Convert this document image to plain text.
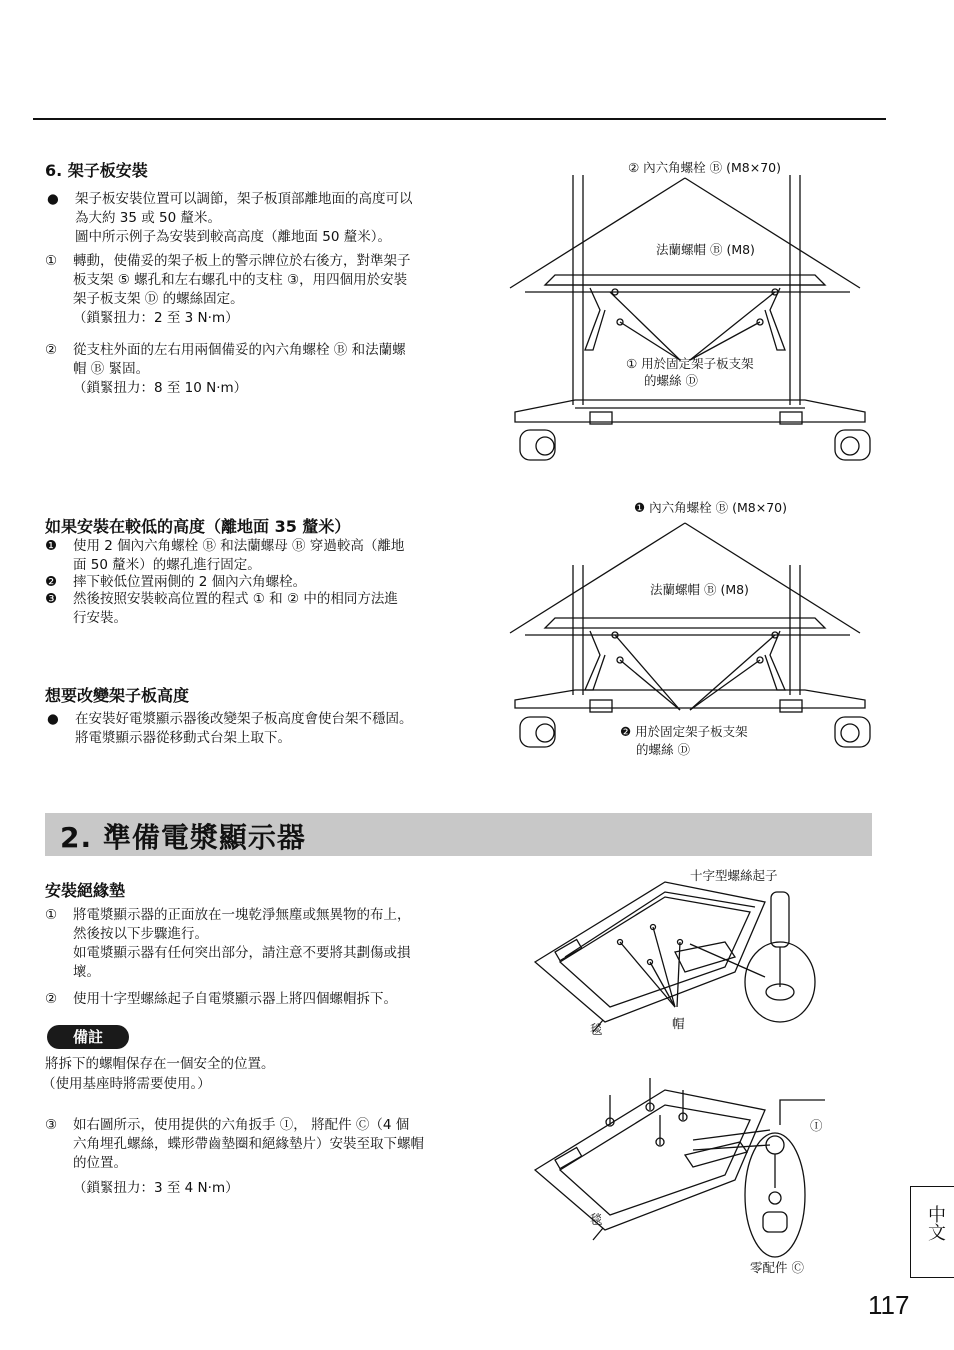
6. 架子板安裝
●	架子板安裝位置可以調節，架子板頂部離地面的高度可以
為大約 35 或 50 釐米。
圖中所示例子為安裝到較高高度（離地面 50 釐米）。
①	轉動，使備妥的架子板上的警示牌位於右後方，對準架子
板支架 ⑤ 螺孔和左右螺孔中的支柱 ③，用四個用於安裝
架子板支架 Ⓓ 的螺絲固定。
（鎖緊扭力：2 至 3 N·m）
②	從支柱外面的左右用兩個備妥的內六角螺栓 Ⓑ 和法蘭螺
帽 Ⓑ 緊固。
（鎖緊扭力：8 至 10 N·m）
② 內六角螺栓 Ⓑ (M8×70)
法蘭螺帽 Ⓑ (M8)
① 用於固定架子板支架
的螺絲 Ⓓ
如果安裝在較低的高度（離地面 35 釐米）
❶	使用 2 個內六角螺栓 Ⓑ 和法蘭螺母 Ⓑ 穿過較高（離地
面 50 釐米）的螺孔進行固定。
❷	摔下較低位置兩側的 2 個內六角螺栓。
❸	然後按照安裝較高位置的程式 ① 和 ② 中的相同方法進
行安裝。
❶ 內六角螺栓 Ⓑ (M8×70)
法蘭螺帽 Ⓑ (M8)
❷ 用於固定架子板支架
的螺絲 Ⓓ
想要改變架子板高度
●	在安裝好電漿顯示器後改變架子板高度會使台架不穩固。
將電漿顯示器從移動式台架上取下。
2. 準備電漿顯示器
安裝絕緣墊
①	將電漿顯示器的正面放在一塊乾淨無塵或無異物的布上，
然後按以下步驟進行。
如電漿顯示器有任何突出部分，請注意不要將其劃傷或損
壞。
②	使用十字型螺絲起子自電漿顯示器上將四個螺帽拆下。
備註
將拆下的螺帽保存在一個安全的位置。
（使用基座時將需要使用。）
③	如右圖所示，使用提供的六角扳手 Ⓘ， 將配件 Ⓒ（4 個
六角埋孔螺絲，蝶形帶齒墊圈和絕緣墊片）安裝至取下螺帽
的位置。
（鎖緊扭力：3 至 4 N·m）
十字型螺絲起子
毯	帽
Ⓘ
毯
零配件 Ⓒ
中文
117
